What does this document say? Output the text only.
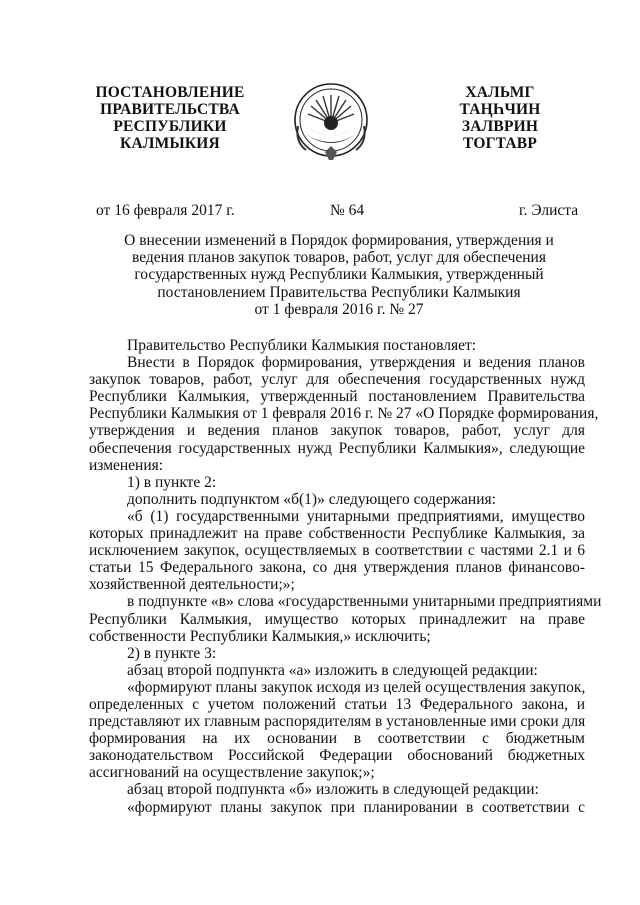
ПОСТАНОВЛЕНИЕ
ПРАВИТЕЛЬСТВА
РЕСПУБЛИКИ
КАЛМЫКИЯ
ХАЛЬМГ
ТАҢҺЧИН
ЗАЛВРИН
ТОГТАВР
от 16 февраля 2017 г.	№ 64	г. Элиста
О внесении изменений в Порядок формирования, утверждения и
ведения планов закупок товаров, работ, услуг для обеспечения
государственных нужд Республики Калмыкия, утвержденный
постановлением Правительства Республики Калмыкия
от 1 февраля 2016 г. № 27
Правительство Республики Калмыкия постановляет:
Внести в Порядок формирования, утверждения и ведения планов
закупок товаров, работ, услуг для обеспечения государственных нужд
Республики Калмыкия, утвержденный постановлением Правительства
Республики Калмыкия от 1 февраля 2016 г. № 27 «О Порядке формирования,
утверждения и ведения планов закупок товаров, работ, услуг для
обеспечения государственных нужд Республики Калмыкия», следующие
изменения:
1) в пункте 2:
дополнить подпунктом «б(1)» следующего содержания:
«б (1) государственными унитарными предприятиями, имущество
которых принадлежит на праве собственности Республике Калмыкия, за
исключением закупок, осуществляемых в соответствии с частями 2.1 и 6
статьи 15 Федерального закона, со дня утверждения планов финансово-
хозяйственной деятельности;»;
в подпункте «в» слова «государственными унитарными предприятиями
Республики Калмыкия, имущество которых принадлежит на праве
собственности Республики Калмыкия,» исключить;
2) в пункте 3:
абзац второй подпункта «а» изложить в следующей редакции:
«формируют планы закупок исходя из целей осуществления закупок,
определенных с учетом положений статьи 13 Федерального закона, и
представляют их главным распорядителям в установленные ими сроки для
формирования на их основании в соответствии с бюджетным
законодательством Российской Федерации обоснований бюджетных
ассигнований на осуществление закупок;»;
абзац второй подпункта «б» изложить в следующей редакции:
«формируют планы закупок при планировании в соответствии с
